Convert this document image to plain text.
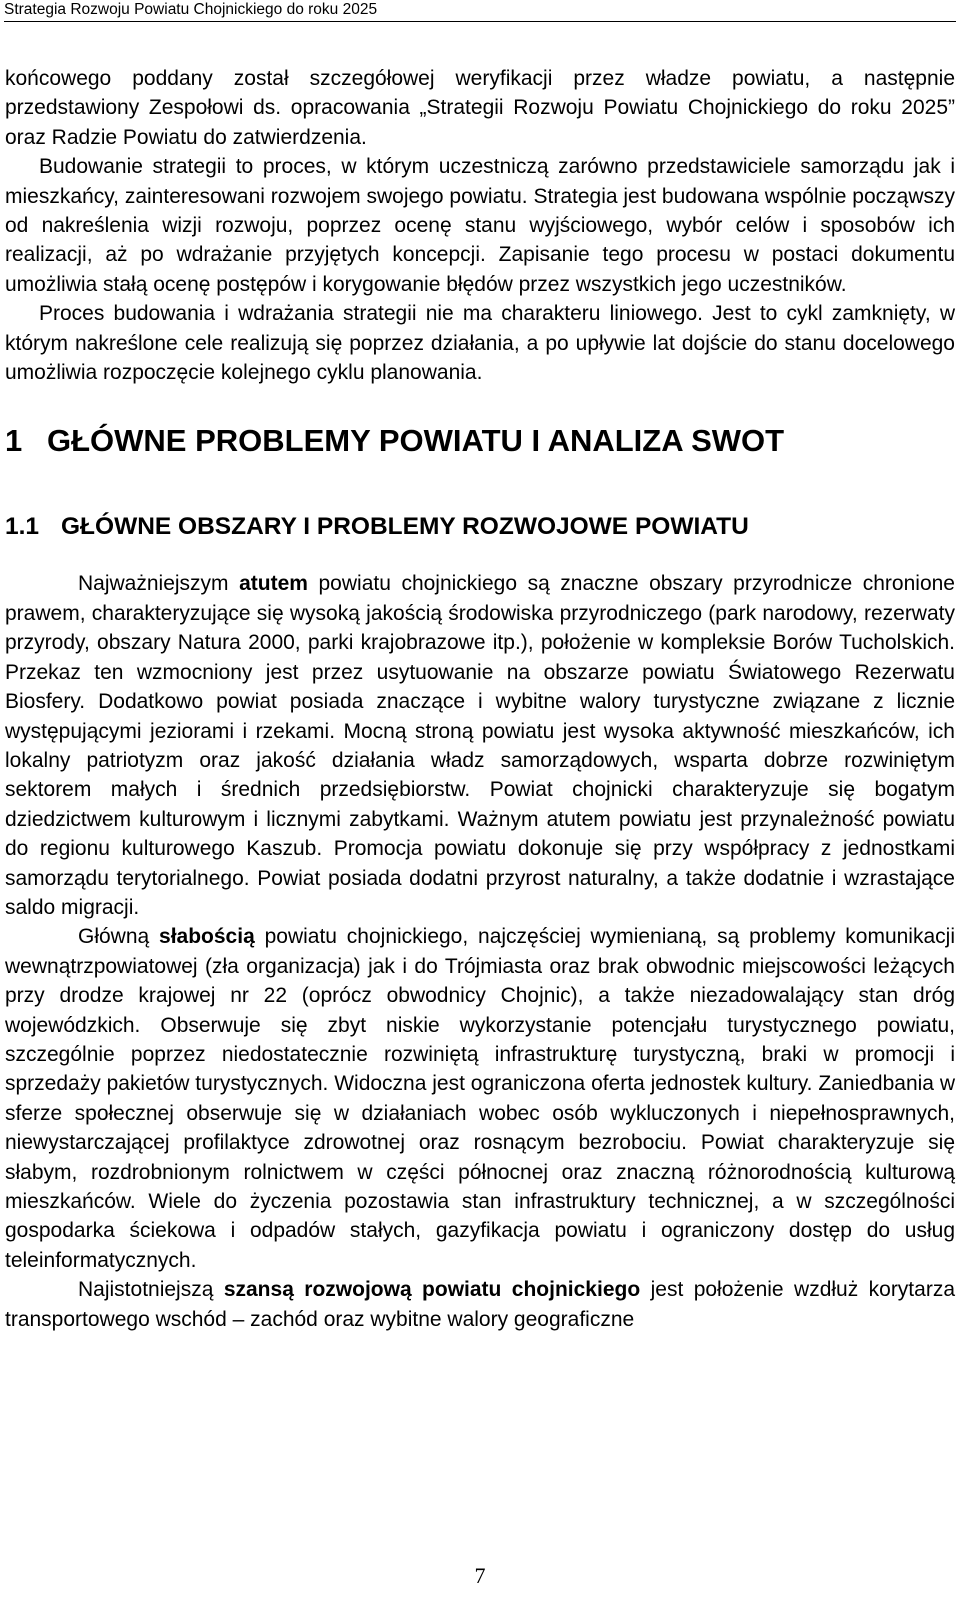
Strategia Rozwoju Powiatu Chojnickiego do roku 2025

końcowego poddany został szczegółowej weryfikacji przez władze powiatu, a następnie przedstawiony Zespołowi ds. opracowania „Strategii Rozwoju Powiatu Chojnickiego do roku 2025” oraz Radzie Powiatu do zatwierdzenia.

Budowanie strategii to proces, w którym uczestniczą zarówno przedstawiciele samorządu jak i mieszkańcy, zainteresowani rozwojem swojego powiatu. Strategia jest budowana wspólnie począwszy od nakreślenia wizji rozwoju, poprzez ocenę stanu wyjściowego, wybór celów i sposobów ich realizacji, aż po wdrażanie przyjętych koncepcji. Zapisanie tego procesu w postaci dokumentu umożliwia stałą ocenę postępów i korygowanie błędów przez wszystkich jego uczestników.

Proces budowania i wdrażania strategii nie ma charakteru liniowego. Jest to cykl zamknięty, w którym nakreślone cele realizują się poprzez działania, a po upływie lat dojście do stanu docelowego umożliwia rozpoczęcie kolejnego cyklu planowania.

1 GŁÓWNE PROBLEMY POWIATU I ANALIZA SWOT
1.1 GŁÓWNE OBSZARY I PROBLEMY ROZWOJOWE POWIATU

Najważniejszym atutem powiatu chojnickiego są znaczne obszary przyrodnicze chronione prawem, charakteryzujące się wysoką jakością środowiska przyrodniczego (park narodowy, rezerwaty przyrody, obszary Natura 2000, parki krajobrazowe itp.), położenie w kompleksie Borów Tucholskich. Przekaz ten wzmocniony jest przez usytuowanie na obszarze powiatu Światowego Rezerwatu Biosfery. Dodatkowo powiat posiada znaczące i wybitne walory turystyczne związane z licznie występującymi jeziorami i rzekami. Mocną stroną powiatu jest wysoka aktywność mieszkańców, ich lokalny patriotyzm oraz jakość działania władz samorządowych, wsparta dobrze rozwiniętym sektorem małych i średnich przedsiębiorstw. Powiat chojnicki charakteryzuje się bogatym dziedzictwem kulturowym i licznymi zabytkami. Ważnym atutem powiatu jest przynależność powiatu do regionu kulturowego Kaszub. Promocja powiatu dokonuje się przy współpracy z jednostkami samorządu terytorialnego. Powiat posiada dodatni przyrost naturalny, a także dodatnie i wzrastające saldo migracji.

Główną słabością powiatu chojnickiego, najczęściej wymienianą, są problemy komunikacji wewnątrzpowiatowej (zła organizacja) jak i do Trójmiasta oraz brak obwodnic miejscowości leżących przy drodze krajowej nr 22 (oprócz obwodnicy Chojnic), a także niezadowalający stan dróg wojewódzkich. Obserwuje się zbyt niskie wykorzystanie potencjału turystycznego powiatu, szczególnie poprzez niedostatecznie rozwiniętą infrastrukturę turystyczną, braki w promocji i sprzedaży pakietów turystycznych. Widoczna jest ograniczona oferta jednostek kultury. Zaniedbania w sferze społecznej obserwuje się w działaniach wobec osób wykluczonych i niepełnosprawnych, niewystarczającej profilaktyce zdrowotnej oraz rosnącym bezrobociu. Powiat charakteryzuje się słabym, rozdrobnionym rolnictwem w części północnej oraz znaczną różnorodnością kulturową mieszkańców. Wiele do życzenia pozostawia stan infrastruktury technicznej, a w szczególności gospodarka ściekowa i odpadów stałych, gazyfikacja powiatu i ograniczony dostęp do usług teleinformatycznych.

Najistotniejszą szansą rozwojową powiatu chojnickiego jest położenie wzdłuż korytarza transportowego wschód – zachód oraz wybitne walory geograficzne

7
